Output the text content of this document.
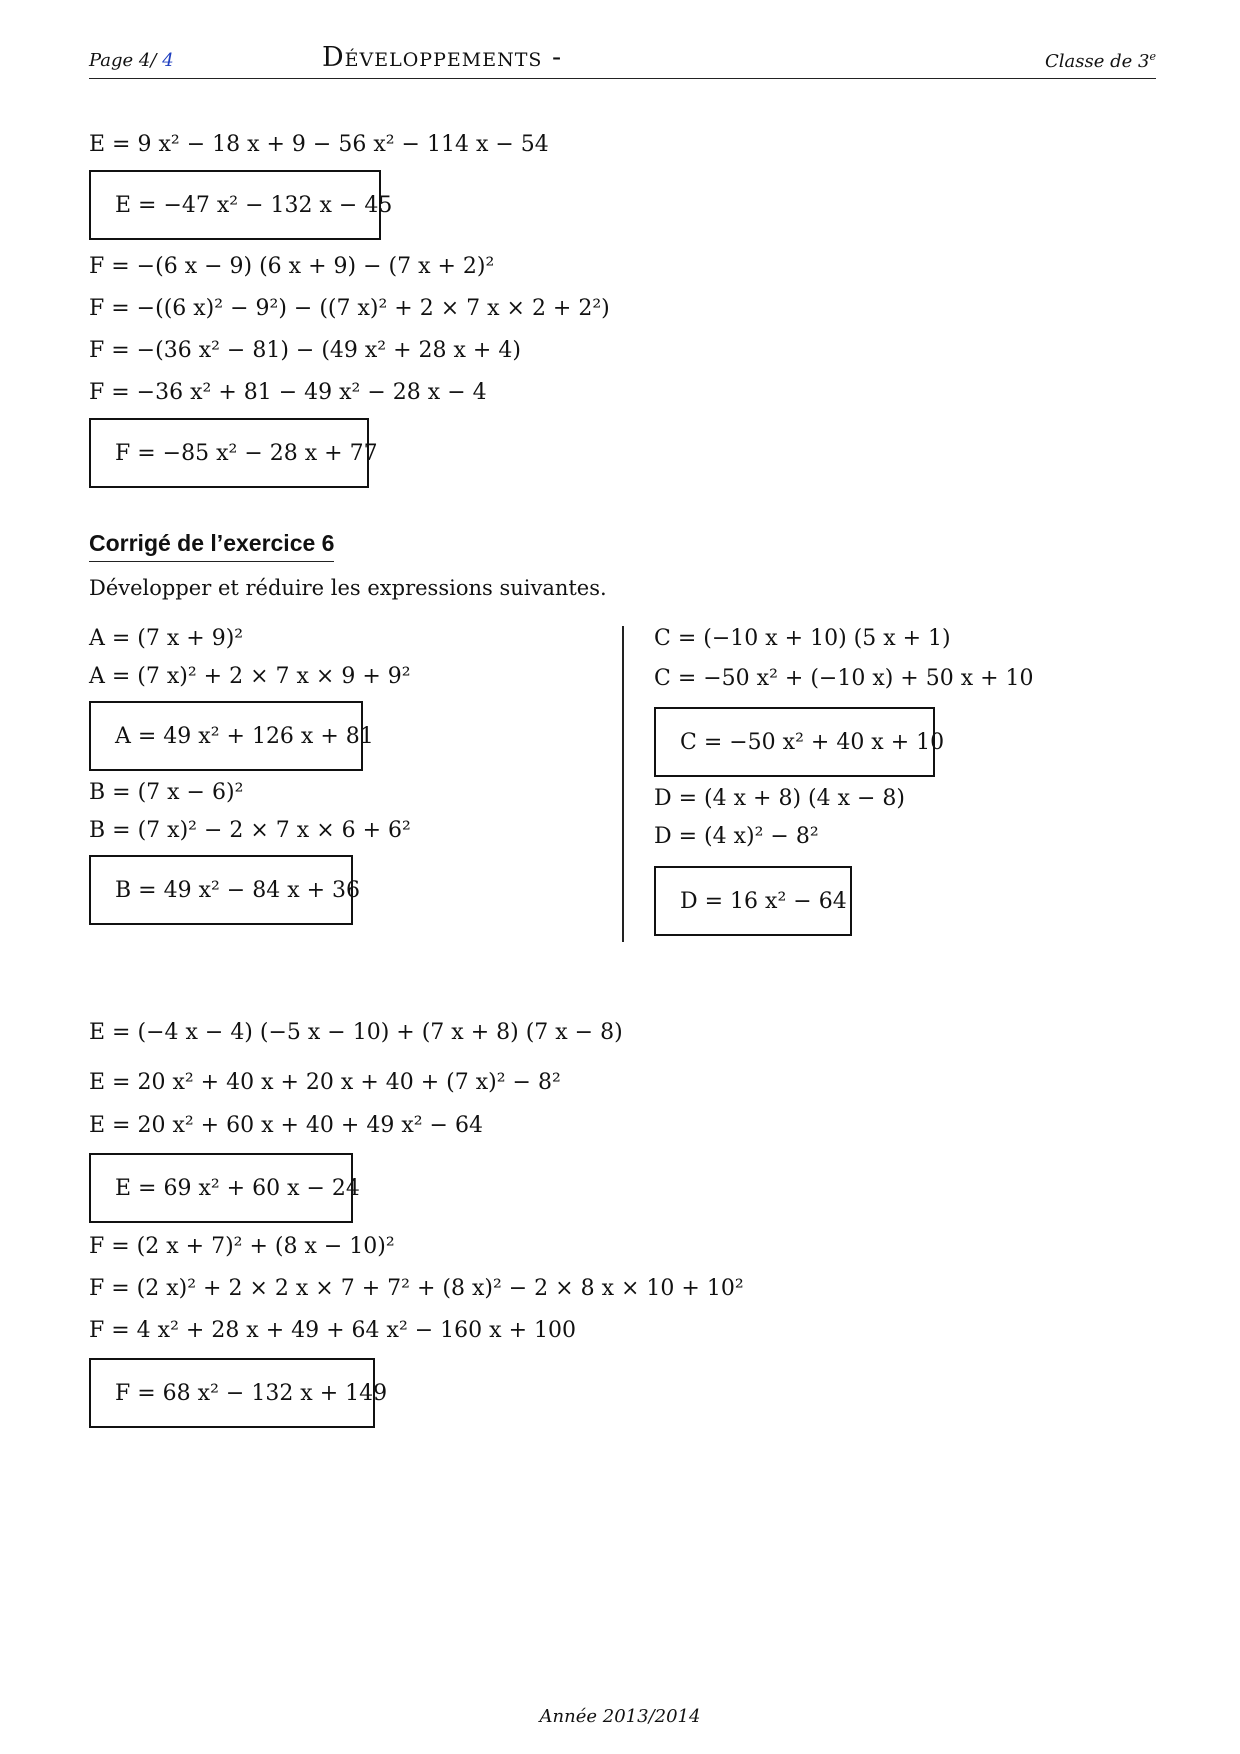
Page 4/ 4	Développements -	Classe de 3e
E = 9 x² − 18 x + 9 − 56 x² − 114 x − 54
E = −47 x² − 132 x − 45
F = −(6 x − 9) (6 x + 9) − (7 x + 2)²
F = −((6 x)² − 9²) − ((7 x)² + 2 × 7 x × 2 + 2²)
F = −(36 x² − 81) − (49 x² + 28 x + 4)
F = −36 x² + 81 − 49 x² − 28 x − 4
F = −85 x² − 28 x + 77
Corrigé de l’exercice 6
Développer et réduire les expressions suivantes.
A = (7 x + 9)²
A = (7 x)² + 2 × 7 x × 9 + 9²
A = 49 x² + 126 x + 81
B = (7 x − 6)²
B = (7 x)² − 2 × 7 x × 6 + 6²
B = 49 x² − 84 x + 36
C = (−10 x + 10) (5 x + 1)
C = −50 x² + (−10 x) + 50 x + 10
C = −50 x² + 40 x + 10
D = (4 x + 8) (4 x − 8)
D = (4 x)² − 8²
D = 16 x² − 64
E = (−4 x − 4) (−5 x − 10) + (7 x + 8) (7 x − 8)
E = 20 x² + 40 x + 20 x + 40 + (7 x)² − 8²
E = 20 x² + 60 x + 40 + 49 x² − 64
E = 69 x² + 60 x − 24
F = (2 x + 7)² + (8 x − 10)²
F = (2 x)² + 2 × 2 x × 7 + 7² + (8 x)² − 2 × 8 x × 10 + 10²
F = 4 x² + 28 x + 49 + 64 x² − 160 x + 100
F = 68 x² − 132 x + 149
Année 2013/2014
